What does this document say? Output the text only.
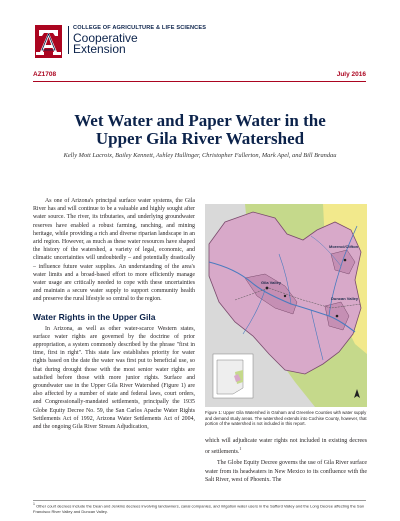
COLLEGE OF AGRICULTURE & LIFE SCIENCES
Cooperative
Extension
AZ1708	July 2016
Wet Water and Paper Water in the
Upper Gila River Watershed
Kelly Mott Lacroix, Bailey Kennett, Ashley Hullinger, Christopher Fullerton, Mark Apel, and Bill Brandau

As one of Arizona's principal surface water systems, the Gila River has and will continue to be a valuable and highly sought after water source. The river, its tributaries, and underlying groundwater reserves have enabled a robust farming, ranching, and mining heritage, while providing a rich and diverse riparian landscape in an arid region. However, as much as these water resources have shaped the history of the watershed, a variety of legal, economic, and climatic uncertainties will undoubtedly – and potentially drastically – influence future water supplies. An understanding of the area's water limits and a broad-based effort to more efficiently manage water usage are critically needed to cope with these uncertainties and maintain a secure water supply to support community health and preserve the rural lifestyle so central to the region.

Water Rights in the Upper Gila

In Arizona, as well as other water-scarce Western states, surface water rights are governed by the doctrine of prior appropriation, a system commonly described by the phrase "first in time, first in right". This state law establishes priority for water rights based on the date the water was first put to beneficial use, so that during drought those with the most senior water rights are satisfied before those with more junior rights. Surface and groundwater use in the Upper Gila River Watershed (Figure 1) are also affected by a number of state and federal laws, court orders, and Congressionally-mandated settlements, principally the 1935 Globe Equity Decree No. 59, the San Carlos Apache Water Rights Settlements Act of 1992, Arizona Water Settlements Act of 2004, and the ongoing Gila River Stream Adjudication,

Morenci/Clifton
Gila Valley
Duncan Valley
Figure 1: Upper Gila Watershed in Graham and Greenlee Counties with water supply and demand study areas. The watershed extends into Cochise County, however, that portion of the watershed is not included in this report.

which will adjudicate water rights not included in existing decrees or settlements.$^1$

The Globe Equity Decree governs the use of Gila River surface water from its headwaters in New Mexico to its confluence with the Salt River, west of Phoenix. The

$^1$ Other court decrees include the Dean and Jenkins decrees involving landowners, canal companies, and irrigation water users in the Safford Valley and the Long Decree affecting the San Francisco River Valley and Duncan Valley.
